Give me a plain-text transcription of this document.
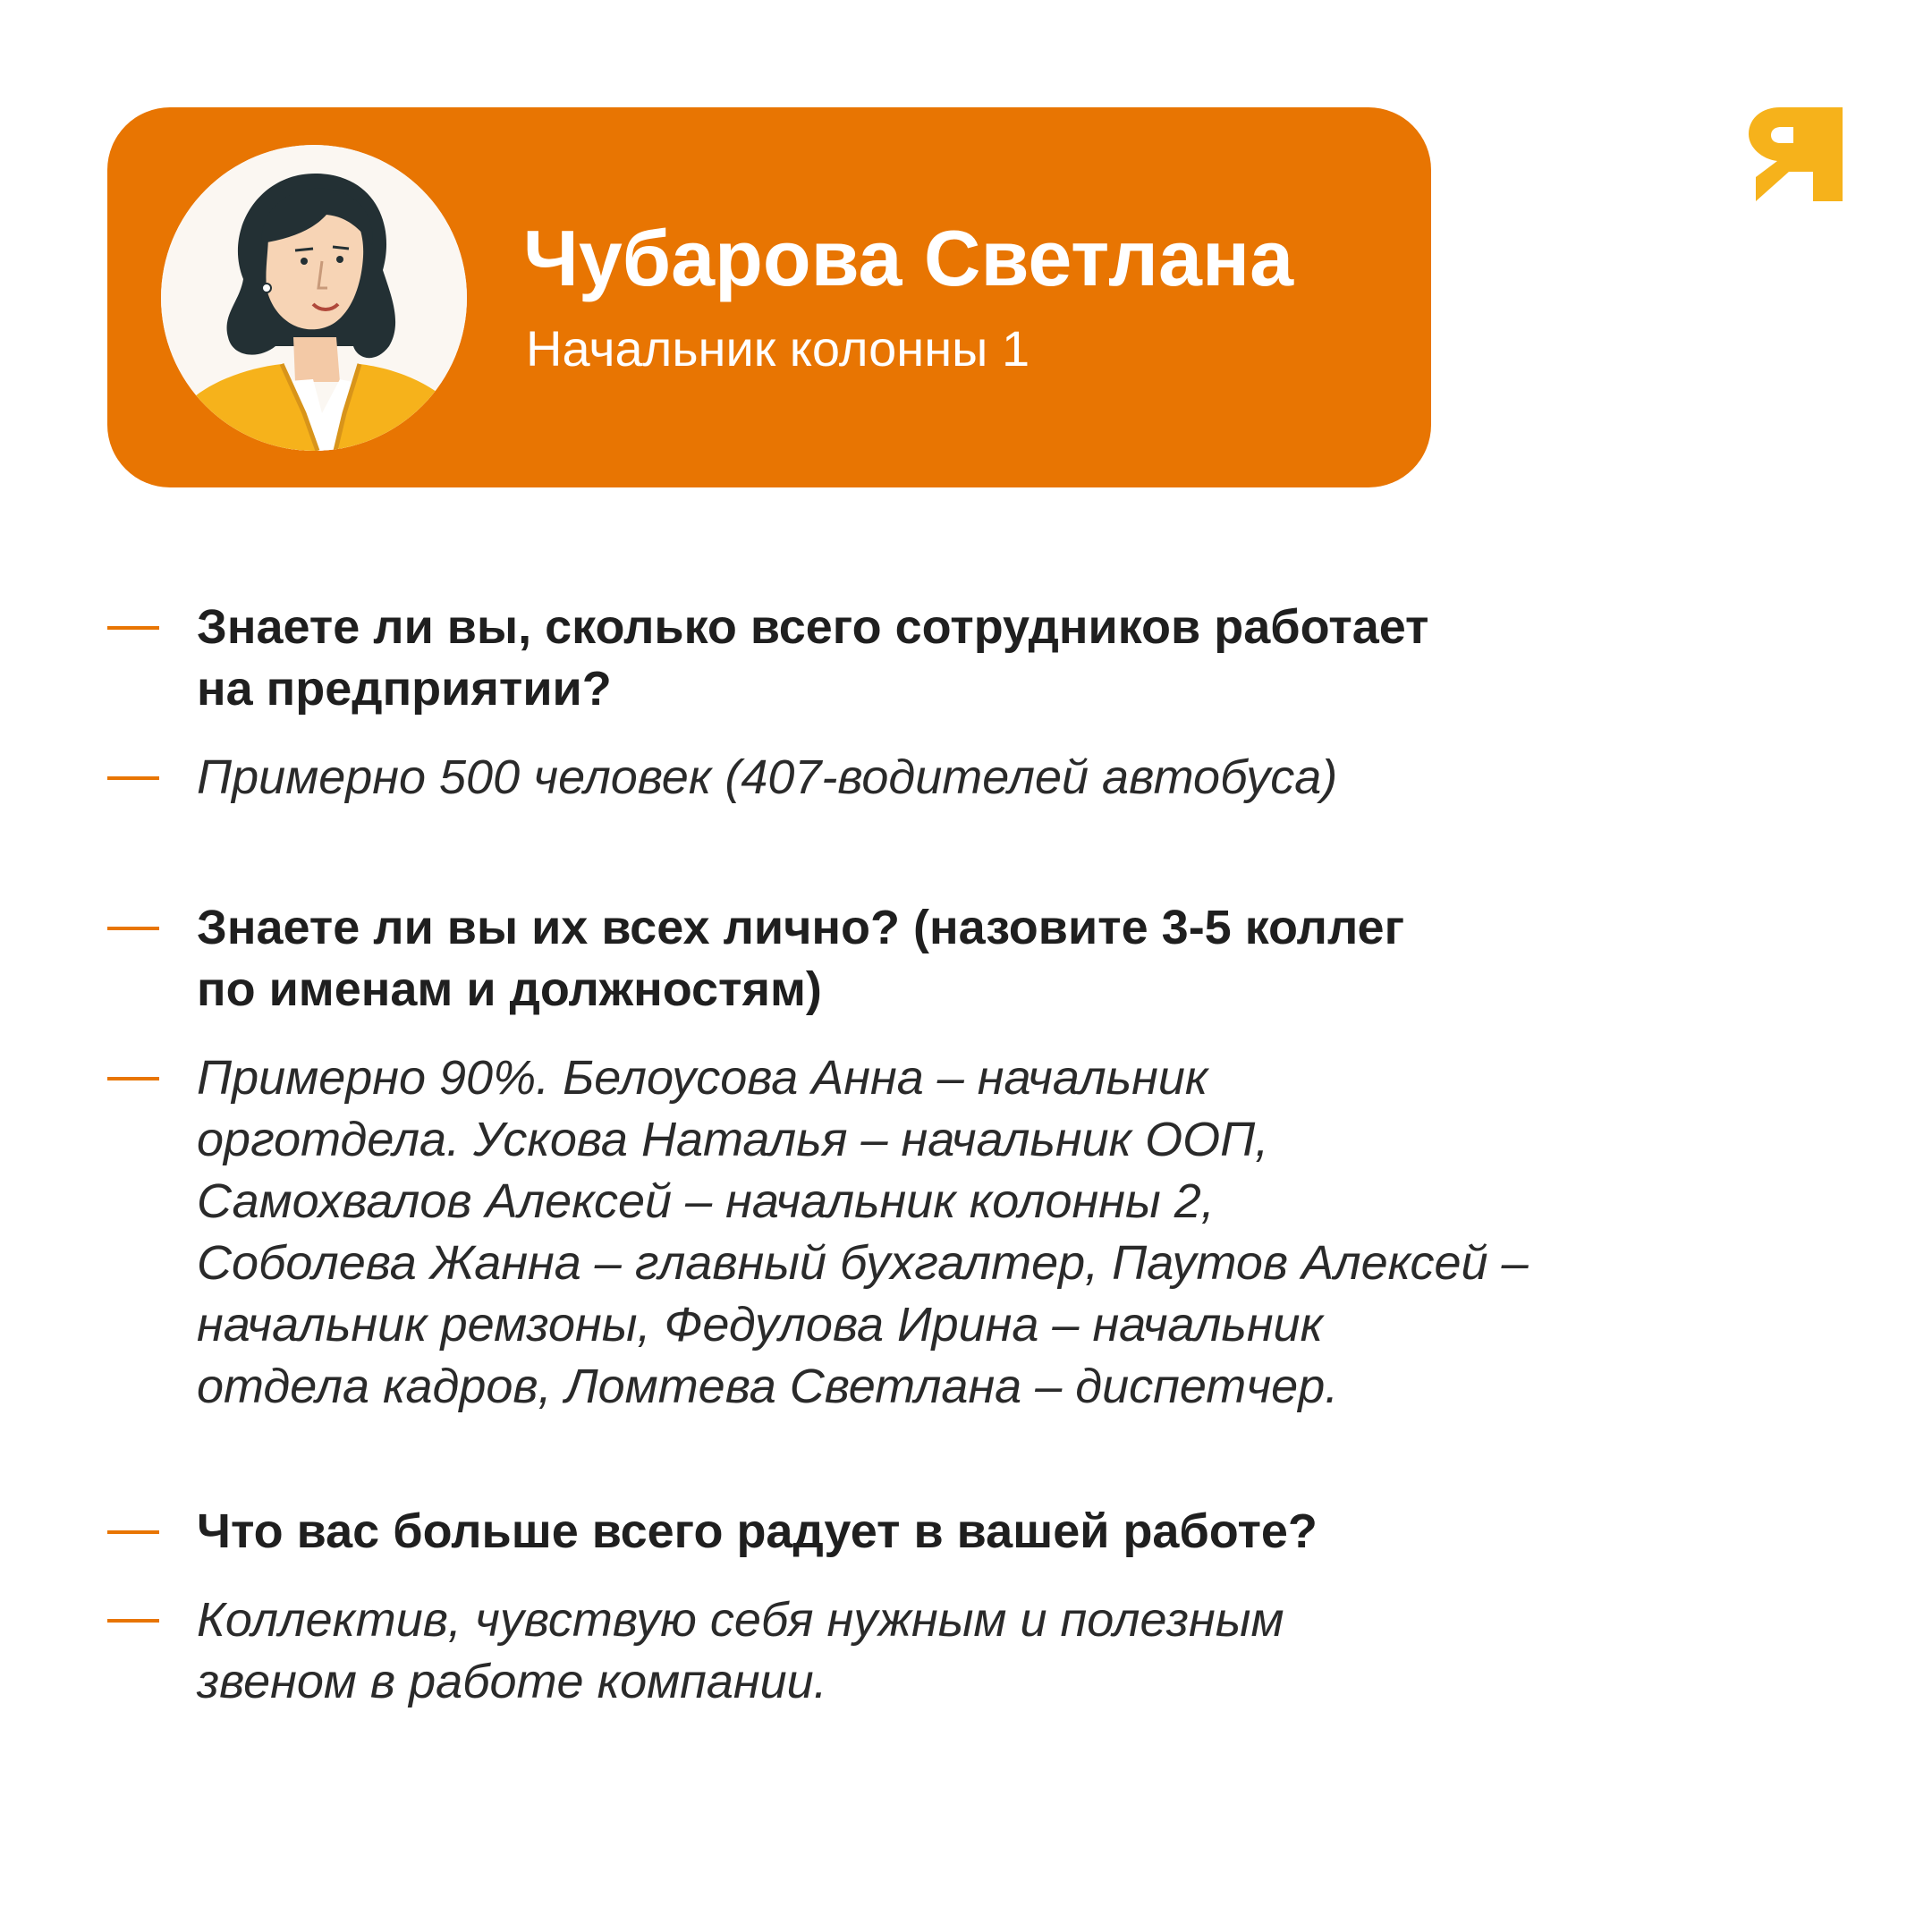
Чубарова Светлана

Начальник колонны 1

Знаете ли вы, сколько всего сотрудников работает
на предприятии?
Примерно 500 человек (407-водителей автобуса)
Знаете ли вы их всех лично? (назовите 3-5 коллег
по именам и должностям)
Примерно 90%. Белоусова Анна – начальник
орготдела. Ускова Наталья – начальник ООП,
Самохвалов Алексей – начальник колонны 2,
Соболева Жанна – главный бухгалтер, Паутов Алексей –
начальник ремзоны, Федулова Ирина – начальник
отдела кадров, Ломтева Светлана – диспетчер.
Что вас больше всего радует в вашей работе?
Коллектив, чувствую себя нужным и полезным
звеном в работе компании.
